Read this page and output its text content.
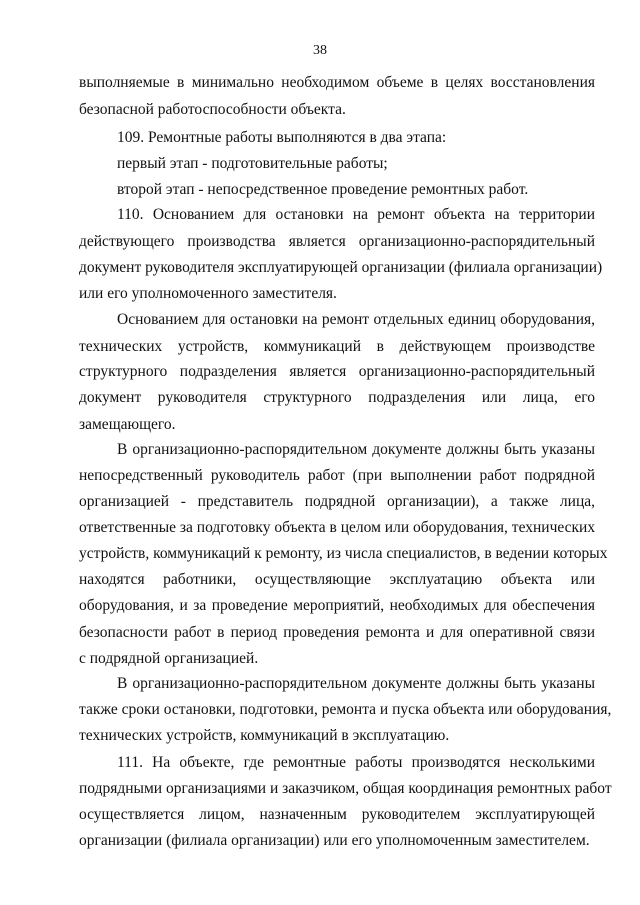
38
выполняемые в минимально необходимом объеме в целях восстановления
безопасной работоспособности объекта.
109. Ремонтные работы выполняются в два этапа:
первый этап - подготовительные работы;
второй этап - непосредственное проведение ремонтных работ.
110. Основанием для остановки на ремонт объекта на территории
действующего производства является организационно-распорядительный
документ руководителя эксплуатирующей организации (филиала организации)
или его уполномоченного заместителя.
Основанием для остановки на ремонт отдельных единиц оборудования,
технических устройств, коммуникаций в действующем производстве
структурного подразделения является организационно-распорядительный
документ руководителя структурного подразделения или лица, его
замещающего.
В организационно-распорядительном документе должны быть указаны
непосредственный руководитель работ (при выполнении работ подрядной
организацией - представитель подрядной организации), а также лица,
ответственные за подготовку объекта в целом или оборудования, технических
устройств, коммуникаций к ремонту, из числа специалистов, в ведении которых
находятся работники, осуществляющие эксплуатацию объекта или
оборудования, и за проведение мероприятий, необходимых для обеспечения
безопасности работ в период проведения ремонта и для оперативной связи
с подрядной организацией.
В организационно-распорядительном документе должны быть указаны
также сроки остановки, подготовки, ремонта и пуска объекта или оборудования,
технических устройств, коммуникаций в эксплуатацию.
111. На объекте, где ремонтные работы производятся несколькими
подрядными организациями и заказчиком, общая координация ремонтных работ
осуществляется лицом, назначенным руководителем эксплуатирующей
организации (филиала организации) или его уполномоченным заместителем.
